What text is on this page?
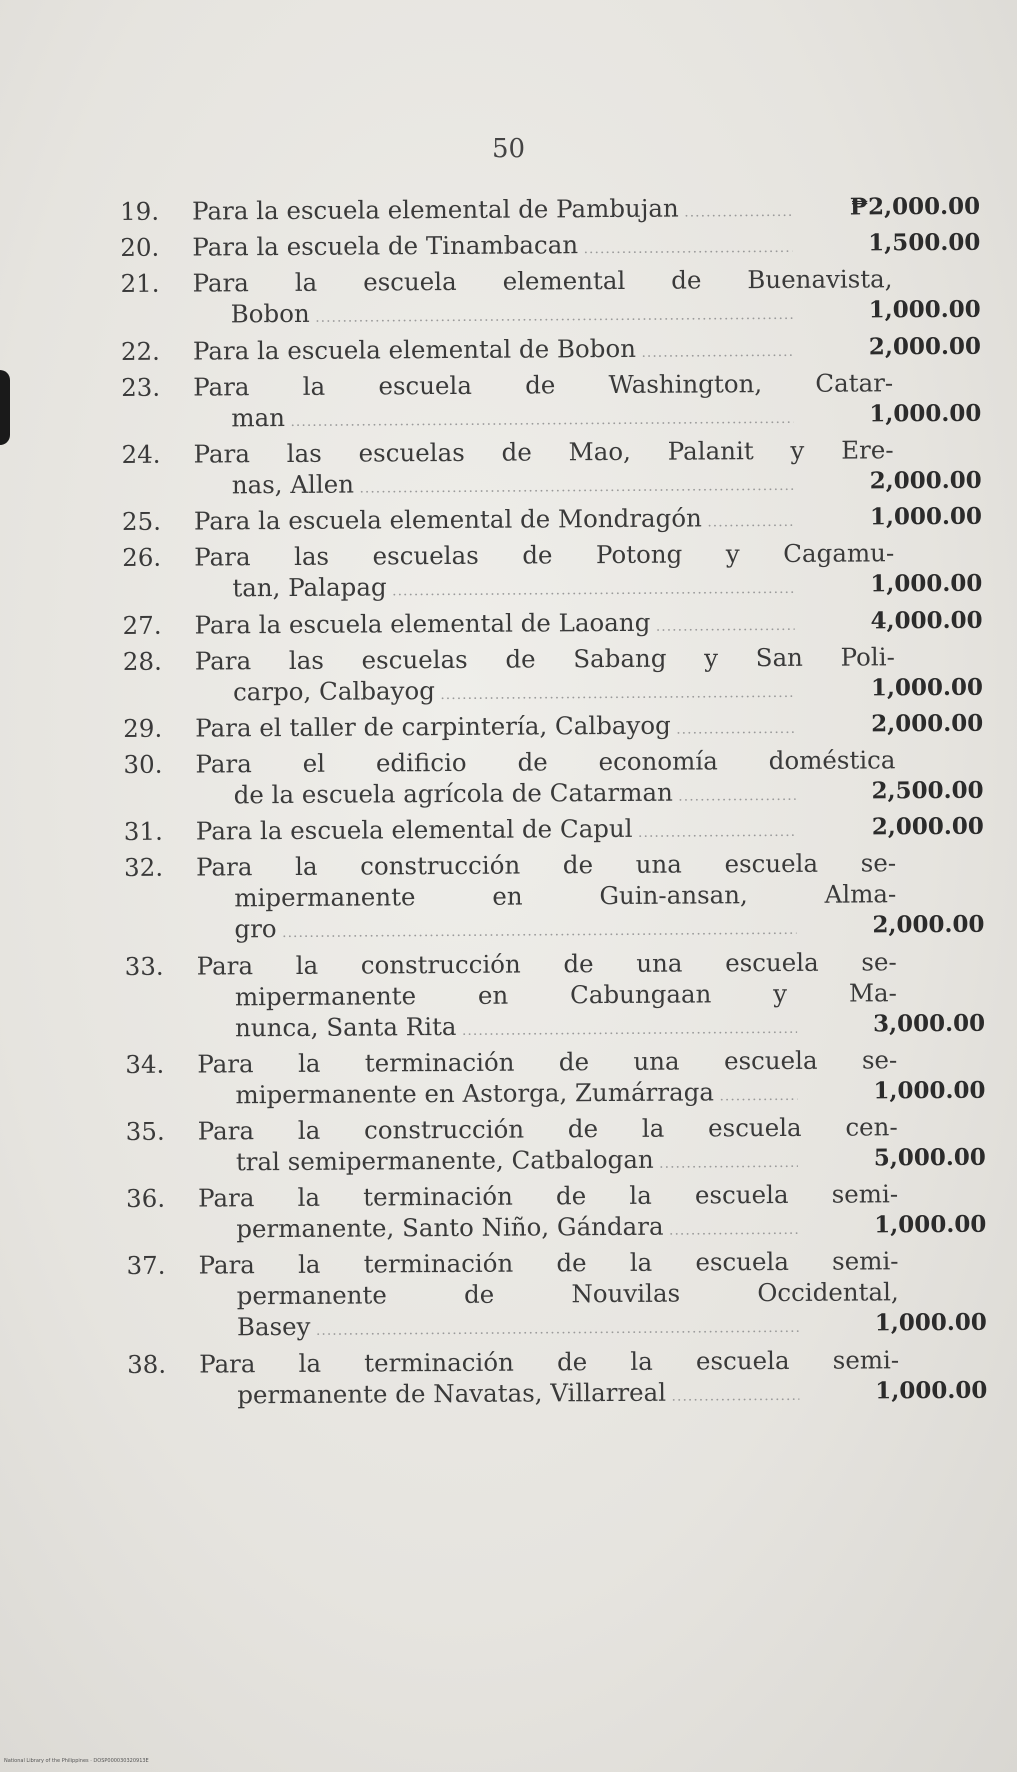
50
19.	Para la escuela elemental de Pambujan .....	₱2,000.00
20.	Para la escuela de Tinambacan .....	1,500.00
21.	Para la escuela elemental de Buenavista,
Bobon .....	1,000.00
22.	Para la escuela elemental de Bobon .....	2,000.00
23.	Para la escuela de Washington, Catar-
man .....	1,000.00
24.	Para las escuelas de Mao, Palanit y Ere-
nas, Allen .....	2,000.00
25.	Para la escuela elemental de Mondragón .....	1,000.00
26.	Para las escuelas de Potong y Cagamu-
tan, Palapag .....	1,000.00
27.	Para la escuela elemental de Laoang .....	4,000.00
28.	Para las escuelas de Sabang y San Poli-
carpo, Calbayog .....	1,000.00
29.	Para el taller de carpintería, Calbayog .....	2,000.00
30.	Para el edificio de economía doméstica
de la escuela agrícola de Catarman .....	2,500.00
31.	Para la escuela elemental de Capul .....	2,000.00
32.	Para la construcción de una escuela se-
mipermanente en Guin-ansan, Alma-
gro .....	2,000.00
33.	Para la construcción de una escuela se-
mipermanente en Cabungaan y Ma-
nunca, Santa Rita .....	3,000.00
34.	Para la terminación de una escuela se-
mipermanente en Astorga, Zumárraga .....	1,000.00
35.	Para la construcción de la escuela cen-
tral semipermanente, Catbalogan .....	5,000.00
36.	Para la terminación de la escuela semi-
permanente, Santo Niño, Gándara .....	1,000.00
37.	Para la terminación de la escuela semi-
permanente de Nouvilas Occidental,
Basey .....	1,000.00
38.	Para la terminación de la escuela semi-
permanente de Navatas, Villarreal .....	1,000.00
National Library of the Philippines · DOSP000030320913E
